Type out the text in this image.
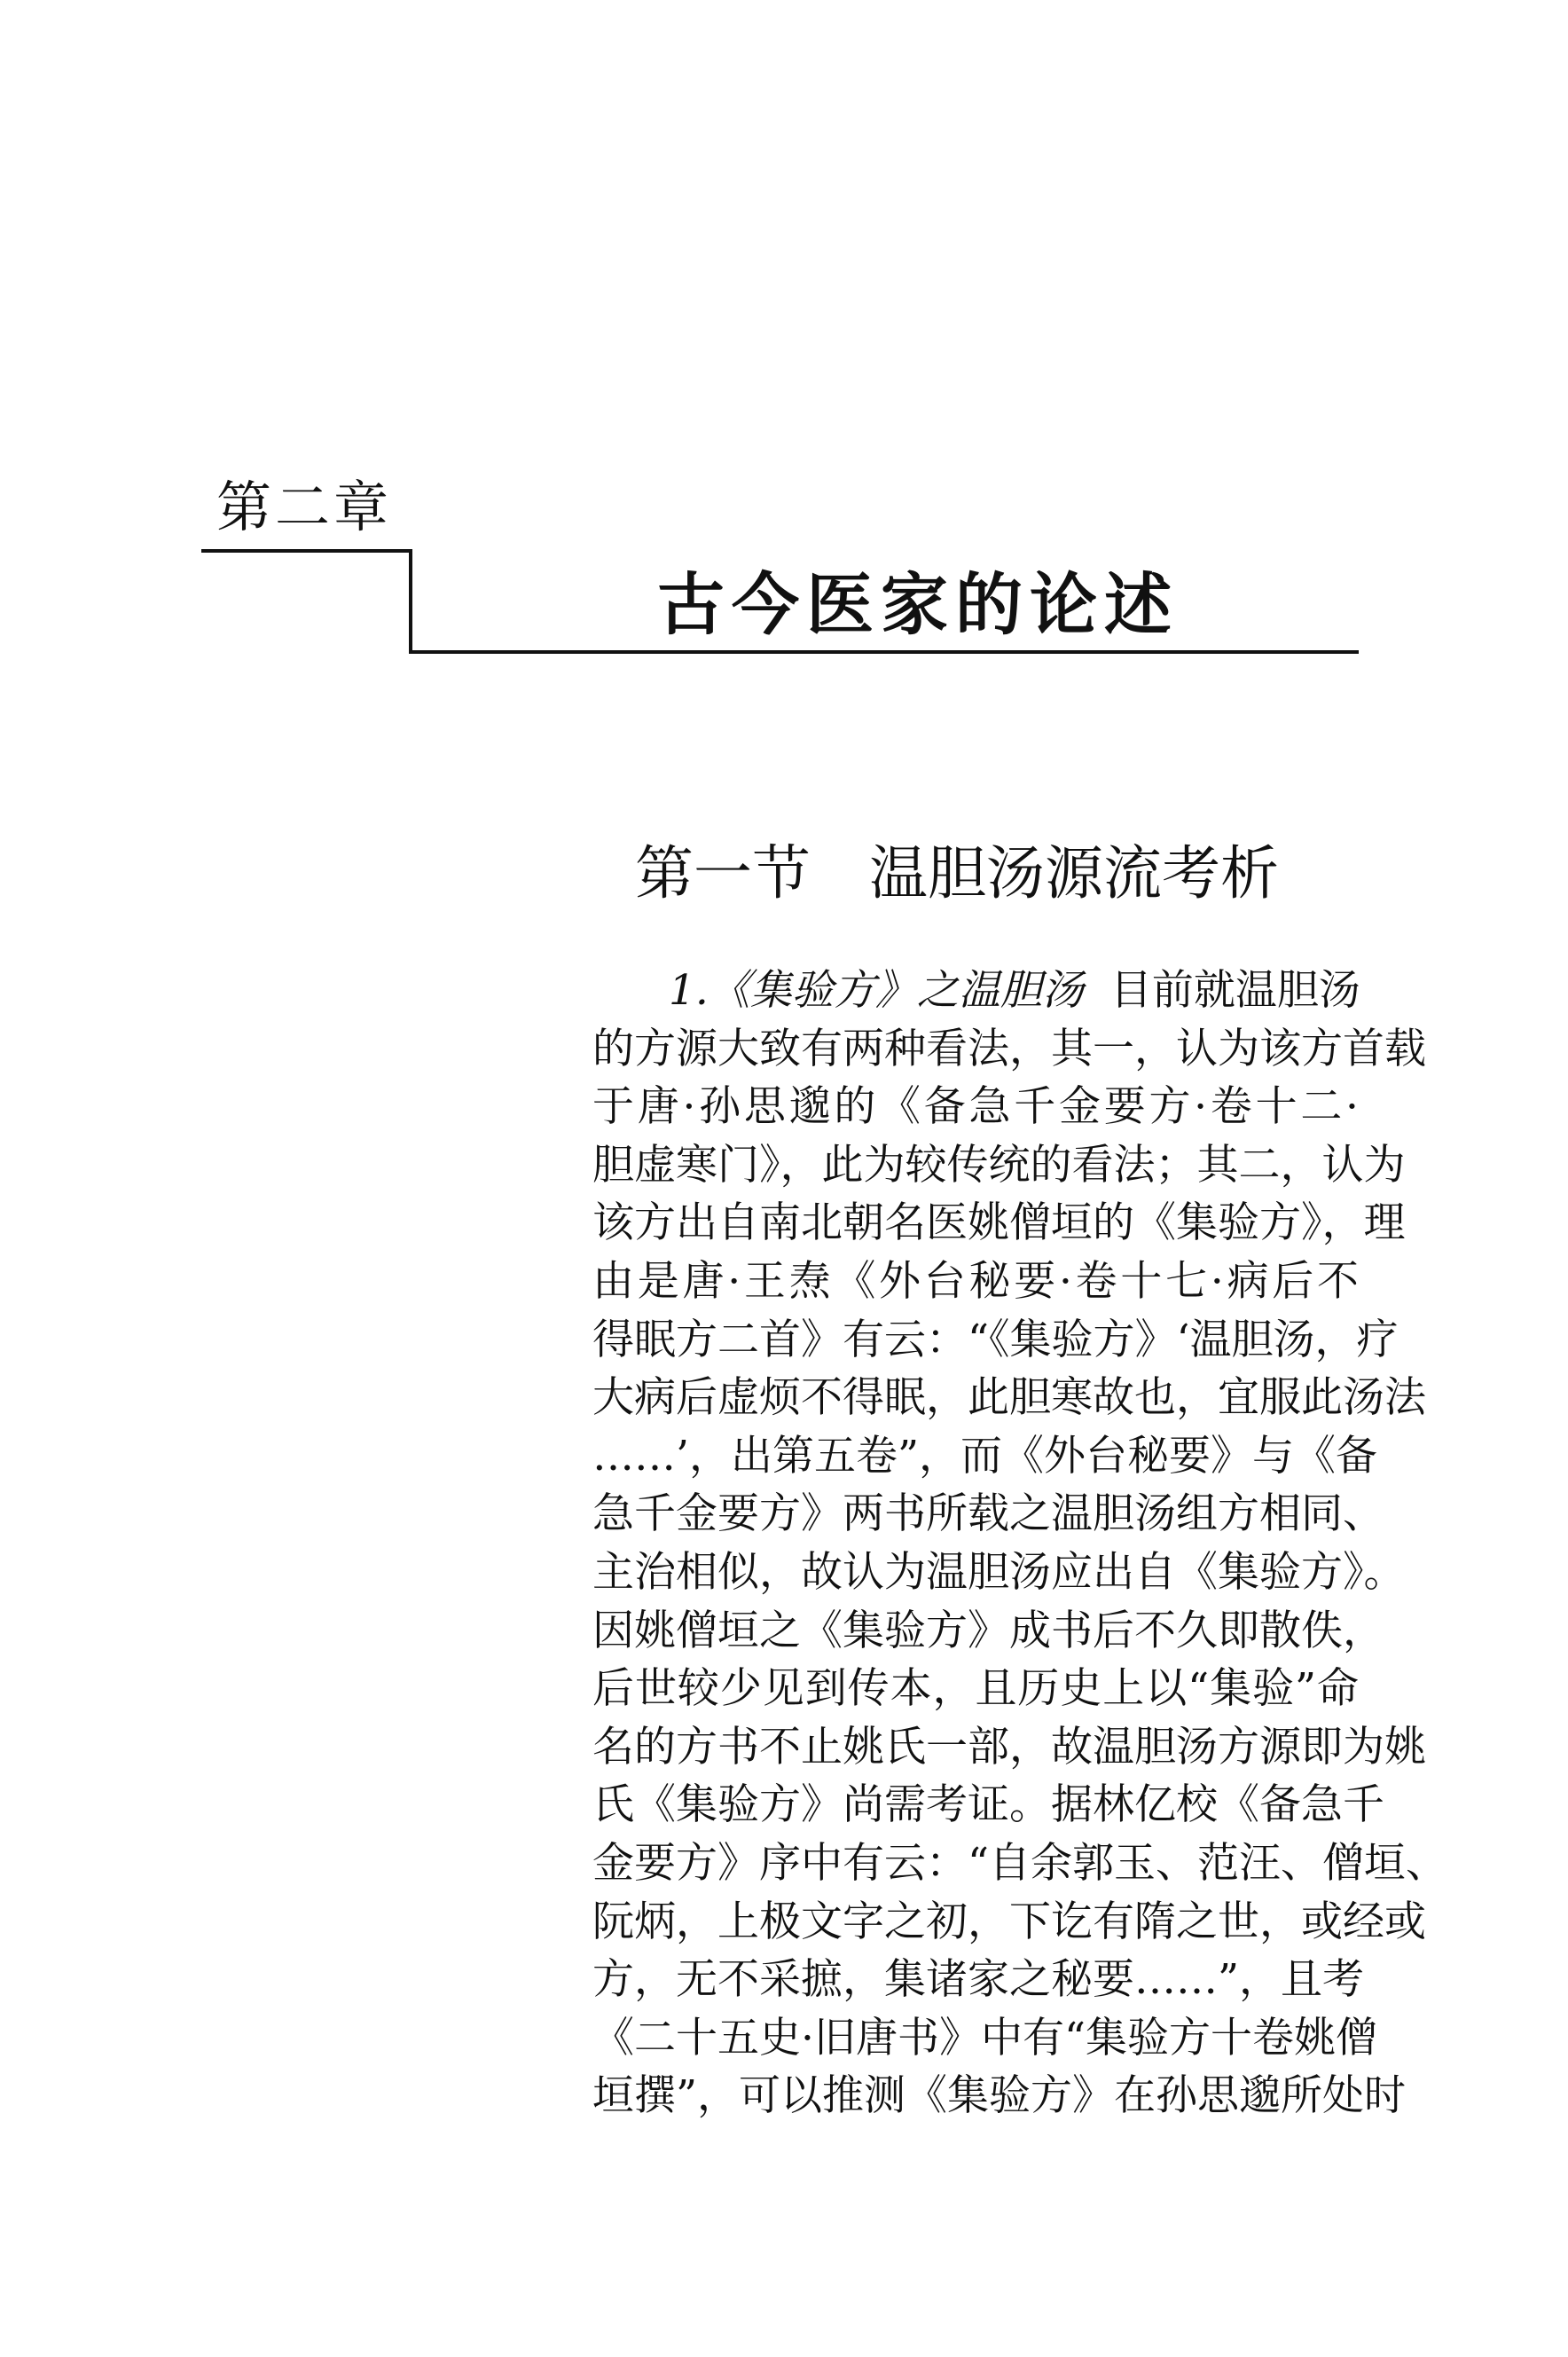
第二章
古今医家的论述
第一节 温胆汤源流考析
1.《集验方》之温胆汤 目前就温胆汤
的方源大致有两种看法，其一，认为该方首载
于唐·孙思邈的《备急千金要方·卷十二·
胆虚寒门》，此为较传统的看法；其二，认为
该方出自南北朝名医姚僧垣的《集验方》，理
由是唐·王焘《外台秘要·卷十七·病后不
得眠方二首》有云：“《集验方》‘温胆汤，疗
大病后虚烦不得眠，此胆寒故也，宜服此汤法
……’，出第五卷”，而《外台秘要》与《备
急千金要方》两书所载之温胆汤组方相同、
主治相似，故认为温胆汤应出自《集验方》。
因姚僧垣之《集验方》成书后不久即散佚，
后世较少见到传本，且历史上以“集验”命
名的方书不止姚氏一部，故温胆汤方源即为姚
氏《集验方》尚需考证。据林亿校《备急千
金要方》序中有云：“自余郭玉、范汪、僧垣、
阮炳，上极文字之初，下讫有隋之世，或经或
方，无不采摭，集诸家之秘要……”，且考
《二十五史·旧唐书》中有“集验方十卷姚僧
垣撰”，可以推测《集验方》在孙思邈所处时
